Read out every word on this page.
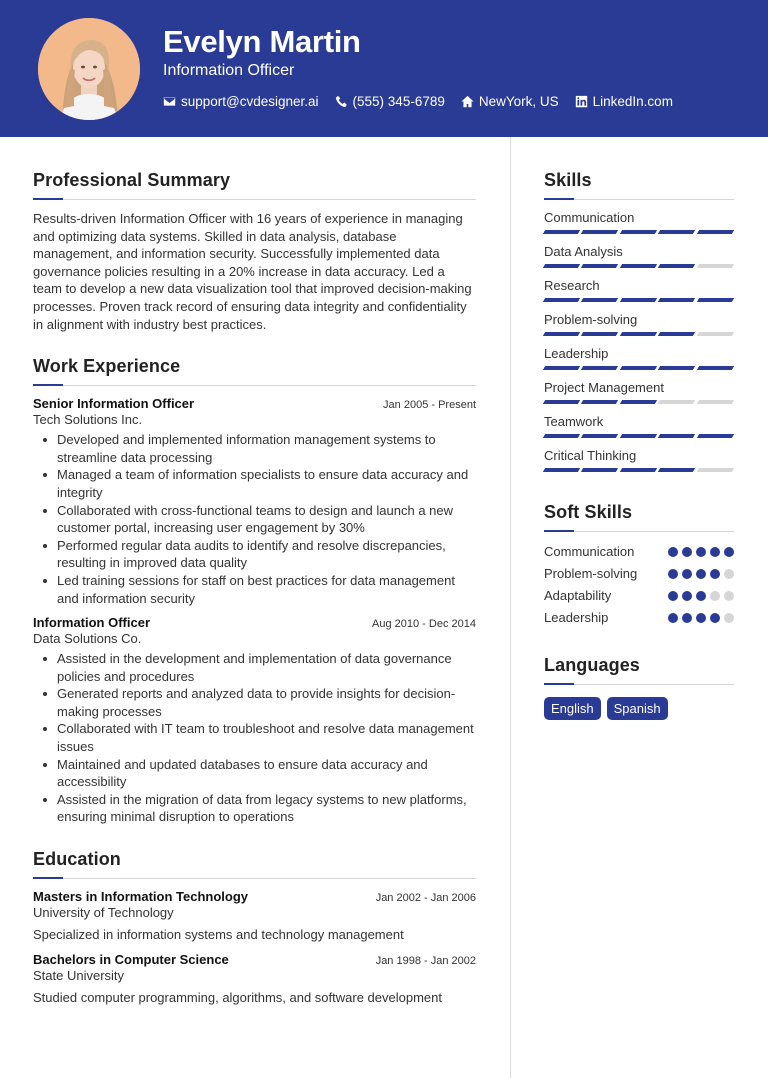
Evelyn Martin
Information Officer
support@cvdesigner.ai	(555) 345-6789	NewYork, US	LinkedIn.com
Professional Summary

Results-driven Information Officer with 16 years of experience in managing and optimizing data systems. Skilled in data analysis, database management, and information security. Successfully implemented data governance policies resulting in a 20% increase in data accuracy. Led a team to develop a new data visualization tool that improved decision-making processes. Proven track record of ensuring data integrity and confidentiality in alignment with industry best practices.

Work Experience
Senior Information Officer	Jan 2005 - Present
Tech Solutions Inc.
Developed and implemented information management systems to streamline data processing
Managed a team of information specialists to ensure data accuracy and integrity
Collaborated with cross-functional teams to design and launch a new customer portal, increasing user engagement by 30%
Performed regular data audits to identify and resolve discrepancies, resulting in improved data quality
Led training sessions for staff on best practices for data management and information security
Information Officer	Aug 2010 - Dec 2014
Data Solutions Co.
Assisted in the development and implementation of data governance policies and procedures
Generated reports and analyzed data to provide insights for decision-making processes
Collaborated with IT team to troubleshoot and resolve data management issues
Maintained and updated databases to ensure data accuracy and accessibility
Assisted in the migration of data from legacy systems to new platforms, ensuring minimal disruption to operations
Education
Masters in Information Technology	Jan 2002 - Jan 2006
University of Technology
Specialized in information systems and technology management
Bachelors in Computer Science	Jan 1998 - Jan 2002
State University
Studied computer programming, algorithms, and software development
Skills
Communication
Data Analysis
Research
Problem-solving
Leadership
Project Management
Teamwork
Critical Thinking
Soft Skills
Communication
Problem-solving
Adaptability
Leadership
Languages
English	Spanish
